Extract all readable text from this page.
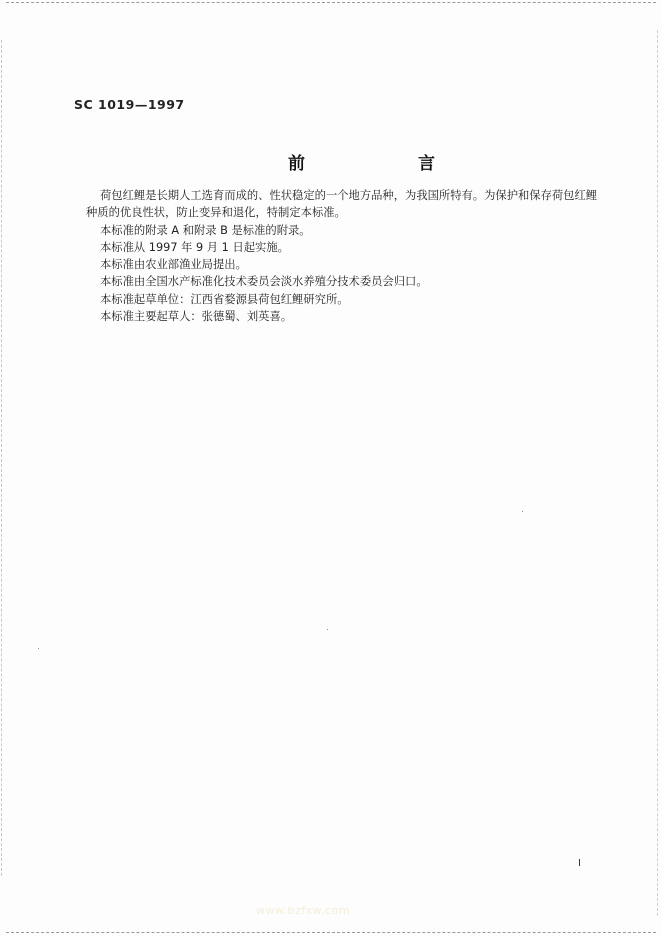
SC 1019—1997
前　言

荷包红鲤是长期人工选育而成的、性状稳定的一个地方品种，为我国所特有。为保护和保存荷包红鲤种质的优良性状，防止变异和退化，特制定本标准。

本标准的附录 A 和附录 B 是标准的附录。

本标准从 1997 年 9 月 1 日起实施。

本标准由农业部渔业局提出。

本标准由全国水产标准化技术委员会淡水养殖分技术委员会归口。

本标准起草单位：江西省婺源县荷包红鲤研究所。

本标准主要起草人：张德蜀、刘英喜。

I
www.bzfxw.com
